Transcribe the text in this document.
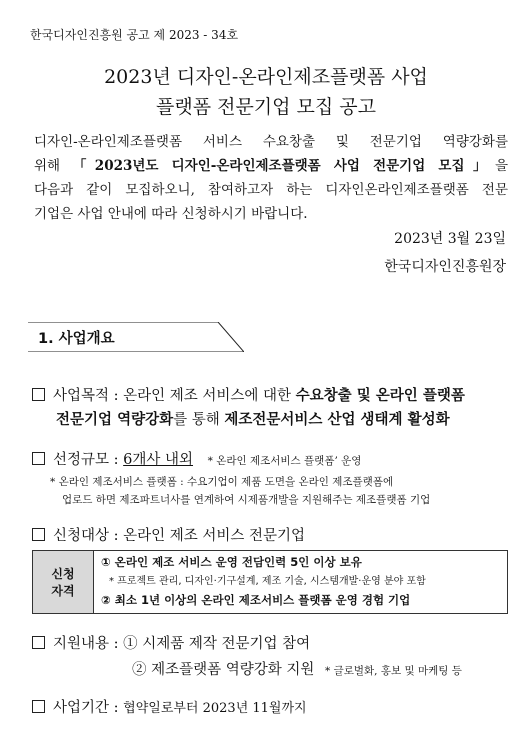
한국디자인진흥원 공고 제 2023 - 34호
2023년 디자인-온라인제조플랫폼 사업
플랫폼 전문기업 모집 공고
디자인-온라인제조플랫폼 서비스 수요창출 및 전문기업 역량강화를
위해 「2023년도 디자인-온라인제조플랫폼 사업 전문기업 모집」을
다음과 같이 모집하오니, 참여하고자 하는 디자인온라인제조플랫폼 전문
기업은 사업 안내에 따라 신청하시기 바랍니다.
2023년 3월 23일
한국디자인진흥원장
1. 사업개요
사업목적 : 온라인 제조 서비스에 대한 수요창출 및 온라인 플랫폼
전문기업 역량강화를 통해 제조전문서비스 산업 생태계 활성화
선정규모 : 6개사 내외 * 온라인 제조서비스 플랫폼’ 운영
* 온라인 제조서비스 플랫폼 : 수요기업이 제품 도면을 온라인 제조플랫폼에
업로드 하면 제조파트너사를 연계하여 시제품개발을 지원해주는 제조플랫폼 기업
신청대상 : 온라인 제조 서비스 전문기업
신청
자격
① 온라인 제조 서비스 운영 전담인력 5인 이상 보유
* 프로젝트 관리, 디자인·기구설계, 제조 기술, 시스템개발·운영 분야 포함
② 최소 1년 이상의 온라인 제조서비스 플랫폼 운영 경험 기업
지원내용 : ① 시제품 제작 전문기업 참여
② 제조플랫폼 역량강화 지원 * 글로벌화, 홍보 및 마케팅 등
사업기간 : 협약일로부터 2023년 11월까지
